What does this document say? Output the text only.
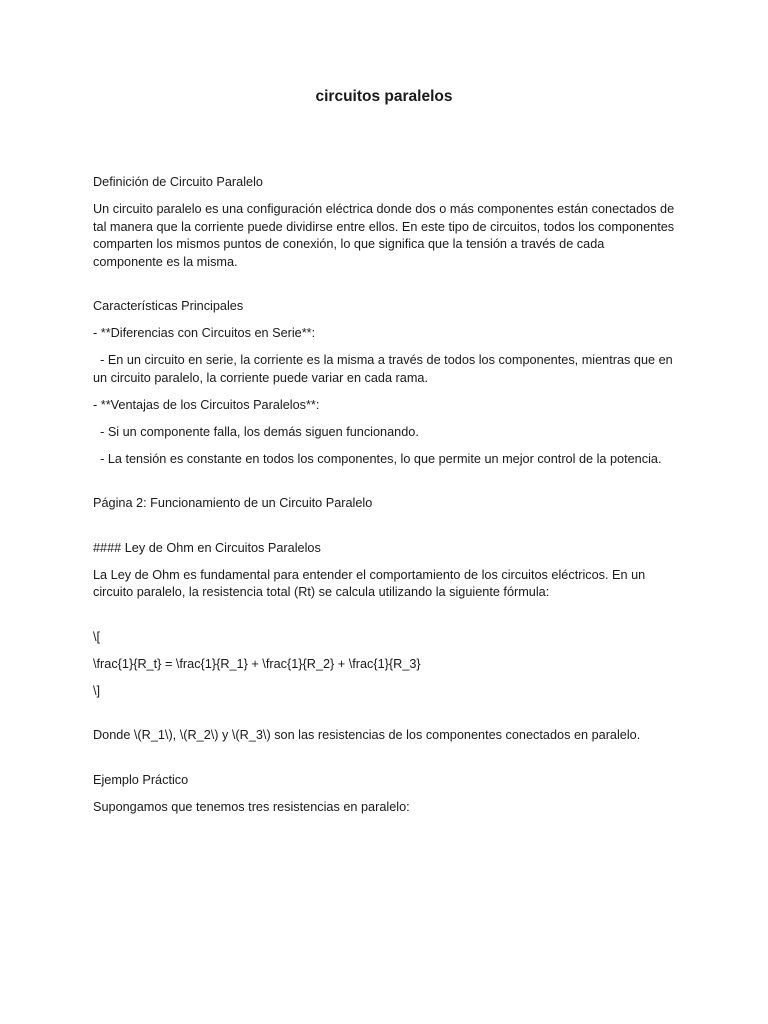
circuitos paralelos

Definición de Circuito Paralelo

Un circuito paralelo es una configuración eléctrica donde dos o más componentes están conectados de tal manera que la corriente puede dividirse entre ellos. En este tipo de circuitos, todos los componentes comparten los mismos puntos de conexión, lo que significa que la tensión a través de cada componente es la misma.

Características Principales

- **Diferencias con Circuitos en Serie**:

- En un circuito en serie, la corriente es la misma a través de todos los componentes, mientras que en un circuito paralelo, la corriente puede variar en cada rama.

- **Ventajas de los Circuitos Paralelos**:

- Si un componente falla, los demás siguen funcionando.

- La tensión es constante en todos los componentes, lo que permite un mejor control de la potencia.

Página 2: Funcionamiento de un Circuito Paralelo

#### Ley de Ohm en Circuitos Paralelos

La Ley de Ohm es fundamental para entender el comportamiento de los circuitos eléctricos. En un circuito paralelo, la resistencia total (Rt) se calcula utilizando la siguiente fórmula:

\[

\frac{1}{R_t} = \frac{1}{R_1} + \frac{1}{R_2} + \frac{1}{R_3}

\]

Donde \(R_1\), \(R_2\) y \(R_3\) son las resistencias de los componentes conectados en paralelo.

Ejemplo Práctico

Supongamos que tenemos tres resistencias en paralelo:
